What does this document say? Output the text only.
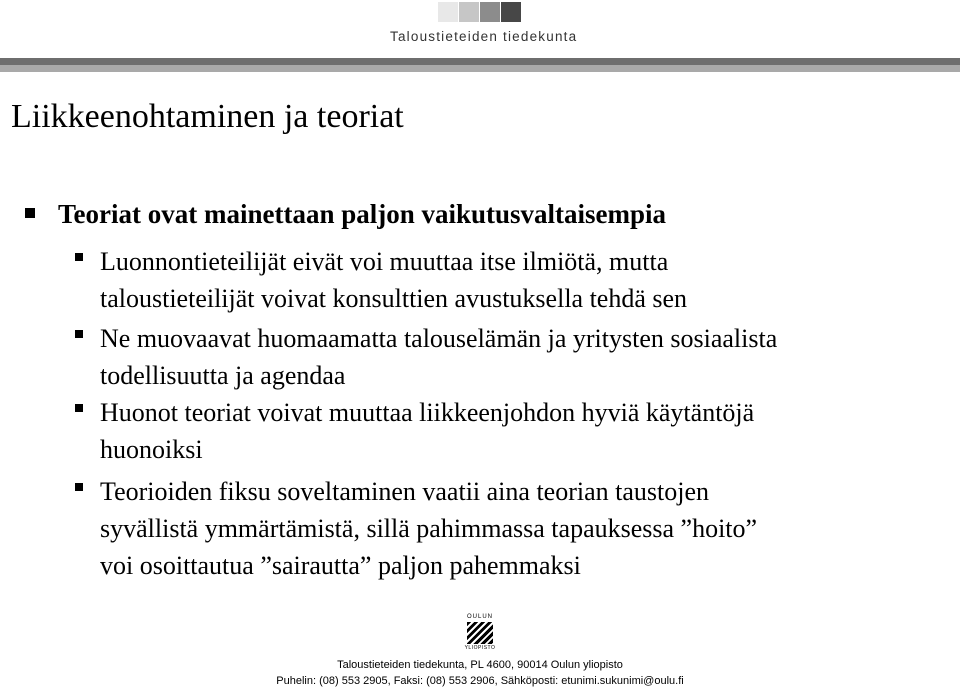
Taloustieteiden tiedekunta
Liikkeenohtaminen ja teoriat
Teoriat ovat mainettaan paljon vaikutusvaltaisempia
Luonnontieteilijät eivät voi muuttaa itse ilmiötä, mutta
taloustieteilijät voivat konsulttien avustuksella tehdä sen
Ne muovaavat huomaamatta talouselämän ja yritysten sosiaalista
todellisuutta ja agendaa
Huonot teoriat voivat muuttaa liikkeenjohdon hyviä käytäntöjä
huonoiksi
Teorioiden fiksu soveltaminen vaatii aina teorian taustojen
syvällistä ymmärtämistä, sillä pahimmassa tapauksessa ”hoito”
voi osoittautua ”sairautta” paljon pahemmaksi
OULUN
YLIOPISTO
Taloustieteiden tiedekunta, PL 4600, 90014 Oulun yliopisto
Puhelin: (08) 553 2905, Faksi: (08) 553 2906, Sähköposti: etunimi.sukunimi@oulu.fi
